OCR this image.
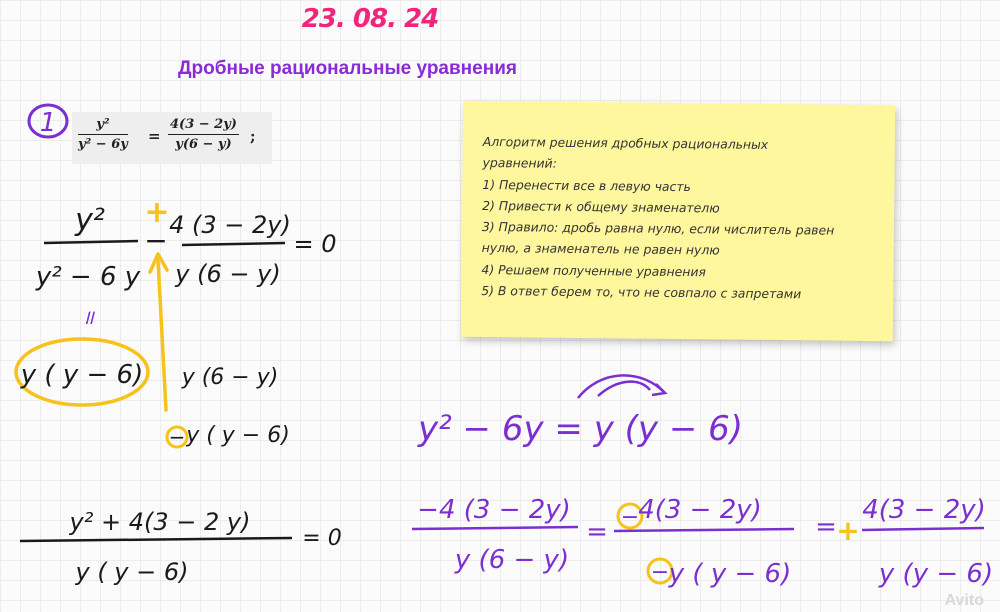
23. 08. 24
Дробные рациональные уравнения
$\frac{\text{y²}}{\text{y² − 6y}} = \frac{4(3 - 2y)}{y(6 - y)}$ ;	Алгоритм решения дробных рациональных
уравнений:
1) Перенести все в левую часть
2) Привести к общему знаменателю
3) Правило: дробь равна нулю, если числитель равен
нулю, а знаменатель не равен нулю
4) Решаем полученные уравнения
5) В ответ берем то, что не совпало с запретами
1
y²
y² − 6 y
+
− 4 (3 − 2y)
y (6 − y)
= 0
॥
y ( y − 6) y (6 − y)
− y ( y − 6)
y² + 4(3 − 2 y)
y ( y − 6)
= 0
y² − 6y = y (y − 6)
−4 (3 − 2y)
y (6 − y)
= −
4(3 − 2y)
− y ( y − 6)
= +
4(3 − 2y)
y (y − 6)
Avito
